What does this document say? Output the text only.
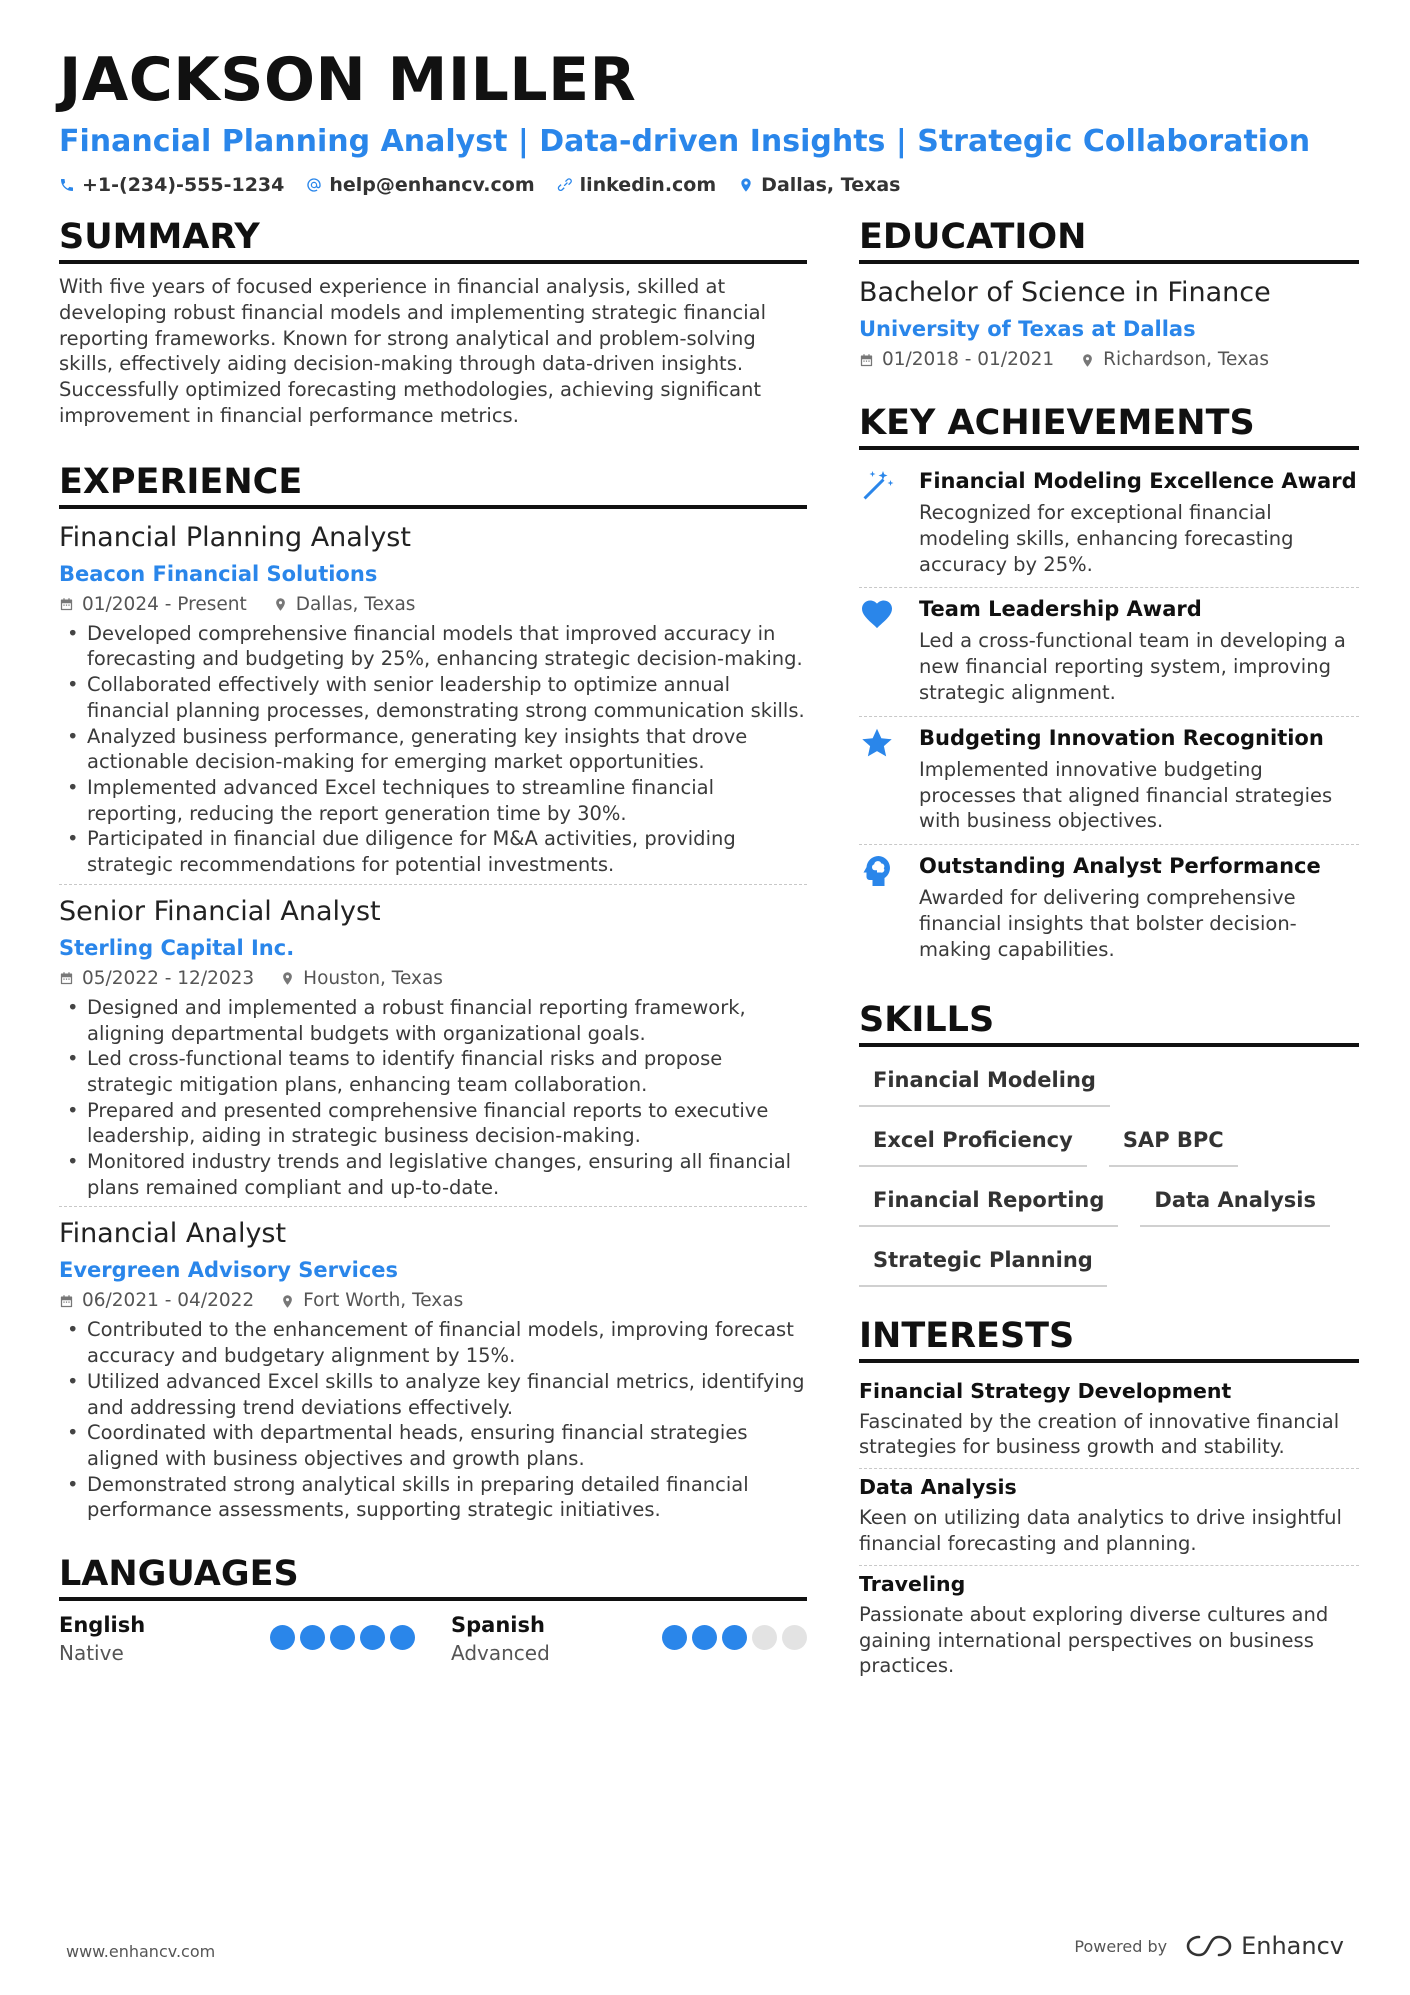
JACKSON MILLER
Financial Planning Analyst | Data-driven Insights | Strategic Collaboration
+1-(234)-555-1234 help@enhancv.com linkedin.com Dallas, Texas
SUMMARY
With five years of focused experience in financial analysis, skilled at developing robust financial models and implementing strategic financial reporting frameworks. Known for strong analytical and problem-solving skills, effectively aiding decision-making through data-driven insights. Successfully optimized forecasting methodologies, achieving significant improvement in financial performance metrics.
EXPERIENCE
Financial Planning Analyst
Beacon Financial Solutions
01/2024 - Present	Dallas, Texas
• Developed comprehensive financial models that improved accuracy in forecasting and budgeting by 25%, enhancing strategic decision-making.
• Collaborated effectively with senior leadership to optimize annual financial planning processes, demonstrating strong communication skills.
• Analyzed business performance, generating key insights that drove actionable decision-making for emerging market opportunities.
• Implemented advanced Excel techniques to streamline financial reporting, reducing the report generation time by 30%.
• Participated in financial due diligence for M&A activities, providing strategic recommendations for potential investments.
Senior Financial Analyst
Sterling Capital Inc.
05/2022 - 12/2023	Houston, Texas
• Designed and implemented a robust financial reporting framework, aligning departmental budgets with organizational goals.
• Led cross-functional teams to identify financial risks and propose strategic mitigation plans, enhancing team collaboration.
• Prepared and presented comprehensive financial reports to executive leadership, aiding in strategic business decision-making.
• Monitored industry trends and legislative changes, ensuring all financial plans remained compliant and up-to-date.
Financial Analyst
Evergreen Advisory Services
06/2021 - 04/2022	Fort Worth, Texas
• Contributed to the enhancement of financial models, improving forecast accuracy and budgetary alignment by 15%.
• Utilized advanced Excel skills to analyze key financial metrics, identifying and addressing trend deviations effectively.
• Coordinated with departmental heads, ensuring financial strategies aligned with business objectives and growth plans.
• Demonstrated strong analytical skills in preparing detailed financial performance assessments, supporting strategic initiatives.
LANGUAGES
English
Native
Spanish
Advanced
EDUCATION
Bachelor of Science in Finance
University of Texas at Dallas
01/2018 - 01/2021	Richardson, Texas
KEY ACHIEVEMENTS
Financial Modeling Excellence Award
Recognized for exceptional financial modeling skills, enhancing forecasting accuracy by 25%.
Team Leadership Award
Led a cross-functional team in developing a new financial reporting system, improving strategic alignment.
Budgeting Innovation Recognition
Implemented innovative budgeting processes that aligned financial strategies with business objectives.
Outstanding Analyst Performance
Awarded for delivering comprehensive financial insights that bolster decision-making capabilities.
SKILLS
Financial Modeling
Excel Proficiency	SAP BPC
Financial Reporting	Data Analysis
Strategic Planning
INTERESTS
Financial Strategy Development
Fascinated by the creation of innovative financial strategies for business growth and stability.
Data Analysis
Keen on utilizing data analytics to drive insightful financial forecasting and planning.
Traveling
Passionate about exploring diverse cultures and gaining international perspectives on business practices.
www.enhancv.com	Powered by	Enhancv
